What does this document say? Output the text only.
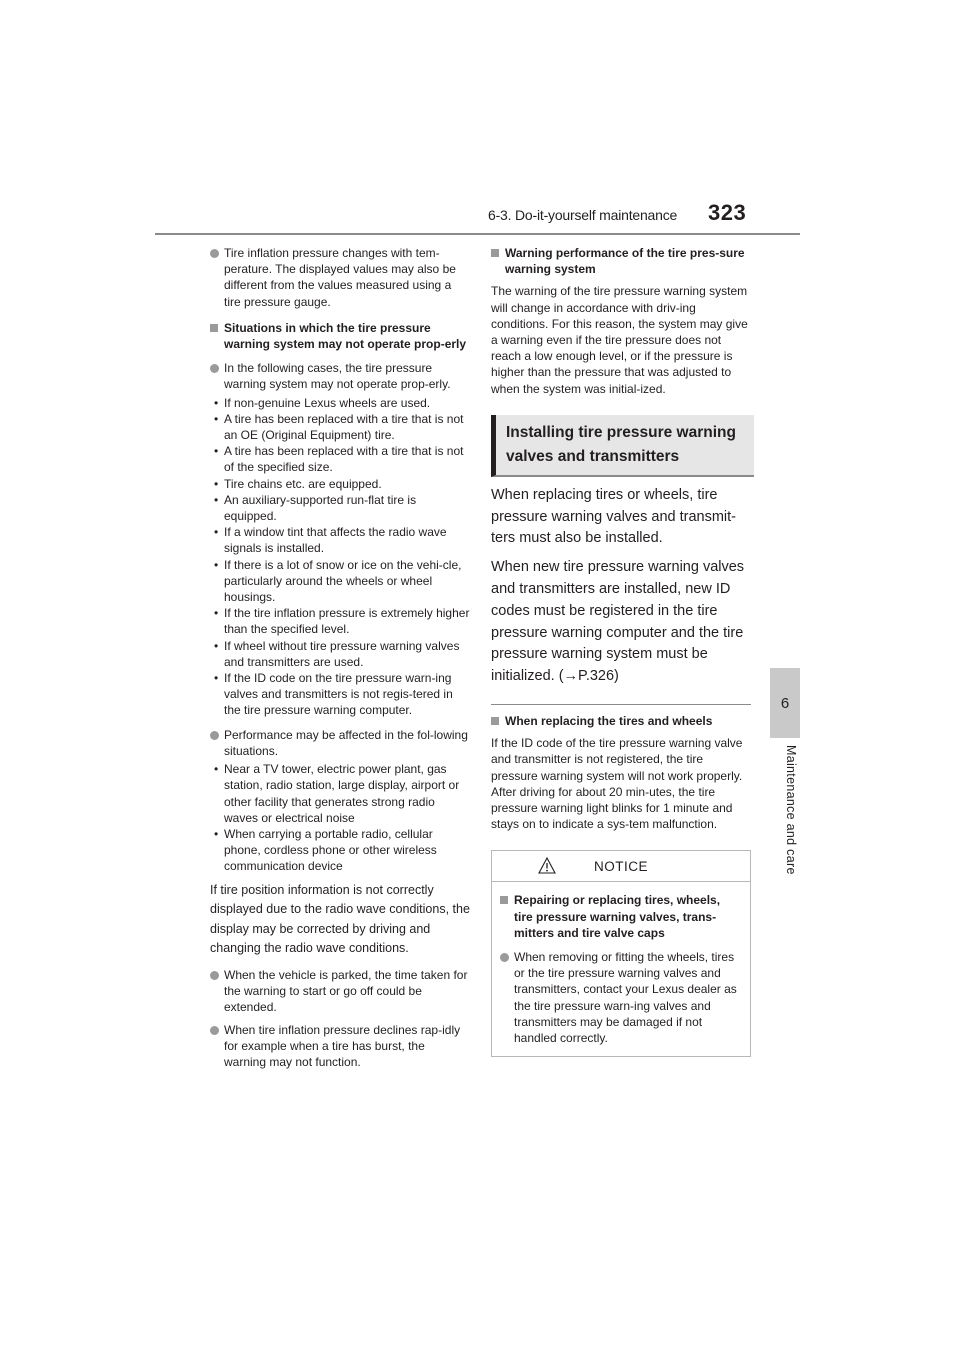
6-3. Do-it-yourself maintenance 323
6
Maintenance and care
Tire inflation pressure changes with tem-perature. The displayed values may also be different from the values measured using a tire pressure gauge.
Situations in which the tire pressure warning system may not operate prop-erly
In the following cases, the tire pressure warning system may not operate prop-erly.
• If non-genuine Lexus wheels are used.
• A tire has been replaced with a tire that is not an OE (Original Equipment) tire.
• A tire has been replaced with a tire that is not of the specified size.
• Tire chains etc. are equipped.
• An auxiliary-supported run-flat tire is equipped.
• If a window tint that affects the radio wave signals is installed.
• If there is a lot of snow or ice on the vehi-cle, particularly around the wheels or wheel housings.
• If the tire inflation pressure is extremely higher than the specified level.
• If wheel without tire pressure warning valves and transmitters are used.
• If the ID code on the tire pressure warn-ing valves and transmitters is not regis-tered in the tire pressure warning computer.
Performance may be affected in the fol-lowing situations.
• Near a TV tower, electric power plant, gas station, radio station, large display, airport or other facility that generates strong radio waves or electrical noise
• When carrying a portable radio, cellular phone, cordless phone or other wireless communication device
If tire position information is not correctly displayed due to the radio wave conditions, the display may be corrected by driving and changing the radio wave conditions.
When the vehicle is parked, the time taken for the warning to start or go off could be extended.
When tire inflation pressure declines rap-idly for example when a tire has burst, the warning may not function.
Warning performance of the tire pres-sure warning system
The warning of the tire pressure warning system will change in accordance with driv-ing conditions. For this reason, the system may give a warning even if the tire pressure does not reach a low enough level, or if the pressure is higher than the pressure that was adjusted to when the system was initial-ized.
Installing tire pressure warning valves and transmitters
When replacing tires or wheels, tire pressure warning valves and transmit-ters must also be installed.
When new tire pressure warning valves and transmitters are installed, new ID codes must be registered in the tire pressure warning computer and the tire pressure warning system must be initialized. (→P.326)
When replacing the tires and wheels
If the ID code of the tire pressure warning valve and transmitter is not registered, the tire pressure warning system will not work properly. After driving for about 20 min-utes, the tire pressure warning light blinks for 1 minute and stays on to indicate a sys-tem malfunction.
NOTICE
Repairing or replacing tires, wheels, tire pressure warning valves, trans-mitters and tire valve caps
When removing or fitting the wheels, tires or the tire pressure warning valves and transmitters, contact your Lexus dealer as the tire pressure warn-ing valves and transmitters may be damaged if not handled correctly.
